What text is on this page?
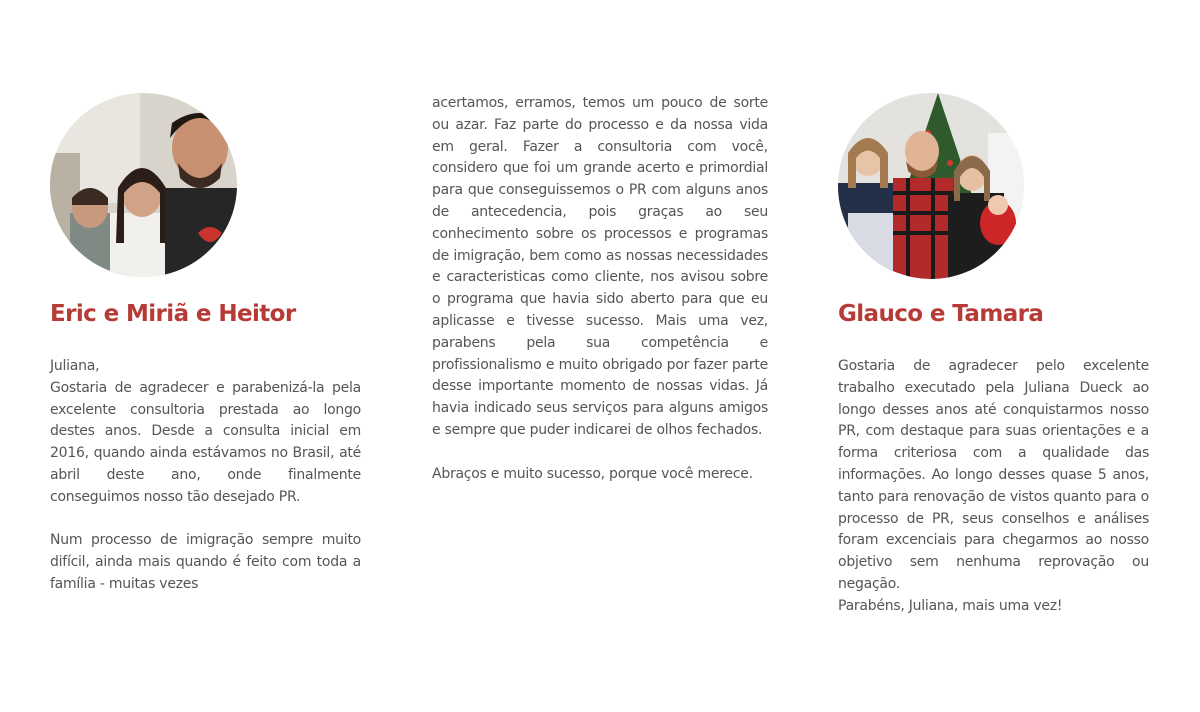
Eric e Miriã e Heitor
Juliana,
Gostaria de agradecer e parabenizá-la pela excelente consultoria prestada ao longo destes anos. Desde a consulta inicial em 2016, quando ainda estávamos no Brasil, até abril deste ano, onde finalmente conseguimos nosso tão desejado PR.
Num processo de imigração sempre muito difícil, ainda mais quando é feito com toda a família - muitas vezes
acertamos, erramos, temos um pouco de sorte ou azar. Faz parte do processo e da nossa vida em geral. Fazer a consultoria com você, considero que foi um grande acerto e primordial para que conseguissemos o PR com alguns anos de antecedencia, pois graças ao seu conhecimento sobre os processos e programas de imigração, bem como as nossas necessidades e caracteristicas como cliente, nos avisou sobre o programa que havia sido aberto para que eu aplicasse e tivesse sucesso. Mais uma vez, parabens pela sua competência e profissionalismo e muito obrigado por fazer parte desse importante momento de nossas vidas. Já havia indicado seus serviços para alguns amigos e sempre que puder indicarei de olhos fechados.
Abraços e muito sucesso, porque você merece.
Glauco e Tamara
Gostaria de agradecer pelo excelente trabalho executado pela Juliana Dueck ao longo desses anos até conquistarmos nosso PR, com destaque para suas orientações e a forma criteriosa com a qualidade das informações. Ao longo desses quase 5 anos, tanto para renovação de vistos quanto para o processo de PR, seus conselhos e análises foram excenciais para chegarmos ao nosso objetivo sem nenhuma reprovação ou negação.
Parabéns, Juliana, mais uma vez!
